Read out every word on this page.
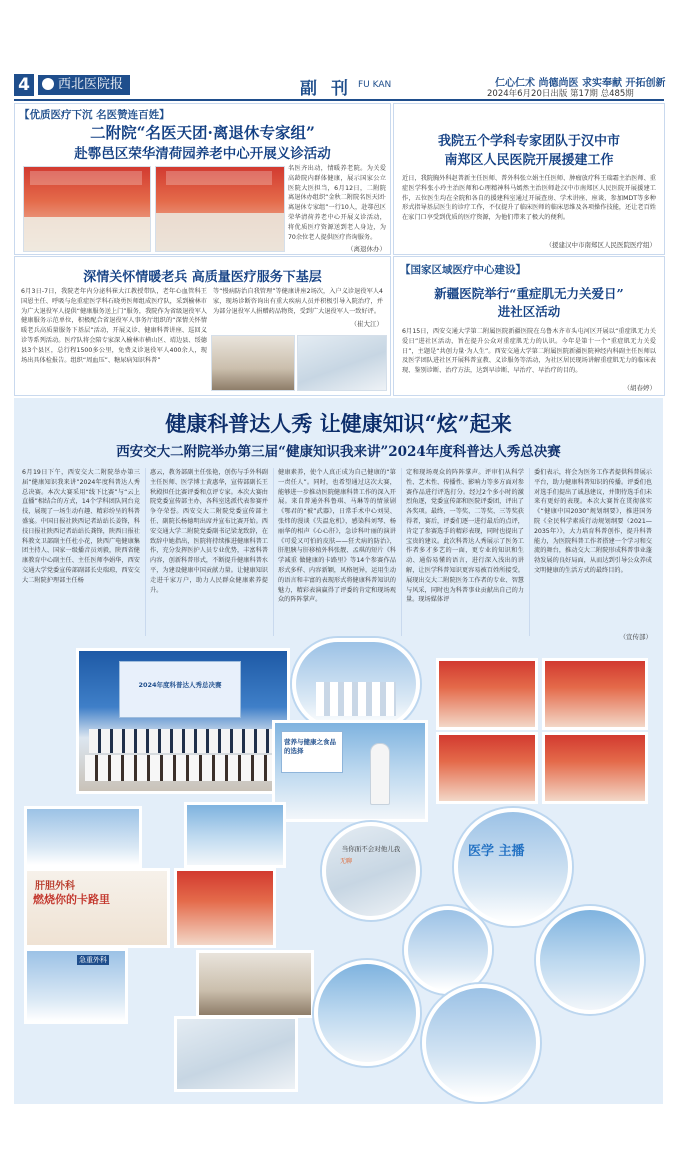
4	西北医院报	副刊
FU KAN	仁心仁术 尚德尚医 求实奉献 开拓创新
2024年6月20日出版 第17期 总485期
【优质医疗下沉 名医赞连百姓】
二附院“名医天团·离退休专家组”
赴鄠邑区荣华清荷园养老中心开展义诊活动
名医齐出动，情暖养老院。为关爱高龄院内群体健康，展示国家公立医院大医担当，6月12日，二附院离退休办组织“金秋二附院名医天团·离退休专家组”一行10人，赴鄠邑区荣华清荷养老中心开展义诊活动，将优质医疗资源送到老人身边，为70余位老人提供医疗咨询服务。
（离退休办）
我院五个学科专家团队于汉中市
南郑区人民医院开展援建工作
近日，我院胸外科赵普新主任医师、普外科张立娟主任医师、肿瘤放疗科王瑞霜主治医师、重症医学科张小玲主治医师和心理精神科马嫣然主治医师赴汉中市南郑区人民医院开展援建工作，五位医生均在全院和各自的援建科室通过开展查房、学术讲座、座谈、参加MDT等多种形式指导基层医生的诊疗工作，不仅提升了临床医师的临床思维及各项操作技能，还让老百姓在家门口享受到优质的医疗资源，为他们带来了极大的便利。
（援建汉中市南郑区人民医院医疗组）
深情关怀情暖老兵 高质量医疗服务下基层
6月3日-7日，我院老年内分泌科崔大江教授带队，老年心血管科王国恩主任、呼吸与危重症医学科石晓勇医师组成医疗队，采到榆林市为广大退役军人提供“健康服务送上门”服务，我院作为省级退役军人健康服务示范单位，积极配合省退役军人事务厅组织的“深情关怀情暖老兵高质量服务下基层”活动，开展义诊、健康科普讲座、巡回义诊等系列活动。医疗队将会陪专家深入榆林市横山区、靖边县、绥德县3个县区，总行程1500多公里，免费义诊退役军人400余人，现场出具体检报告。组织“周血压”、糖尿病知识科普”
等“慢病防治自我管理”等健康讲座2场次，入户义诊退役军人4家，现场诊断咨询出有重大疾病人员并积极引导入院治疗，并为部分退役军人捐赠药品物资，受到广大退役军人一致好评。
（崔大江）
【国家区域医疗中心建设】
新疆医院举行“重症肌无力关爱日”
进社区活动
6月15日，西安交通大学第二附属医院新疆医院在乌鲁木齐市头屯河区开展以“重症肌无力关爱日”进社区活动，旨在提升公众对重症肌无力的认识。今年是第十一个“重症肌无力关爱日”，主题是“共创力量·为人生”。西安交通大学第二附属医院新疆医院神经内科副主任医师以及医学团队进社区开展科普宣教、义诊服务等活动，为社区居民现场讲解重症肌无力的临床表现、鉴别诊断、治疗方法，达到早诊断、早治疗、早治疗的目的。
（胡春婷）
健康科普达人秀 让健康知识“炫”起来
西安交大二附院举办第三届“健康知识我来讲”2024年度科普达人秀总决赛
6月19日下午，西安交大二附院举办第三届“健康知识我来讲”2024年度科普达人秀总决赛。本次大赛采用“线下比赛”与“云上直播”相结合的方式，14个学科团队同台竞技，展现了一场生动有趣、精彩纷呈的科普盛宴。中国日报社陕西记者站站长姜锋，科技日报社陕西记者站站长龚锋，陕西日报社科教文卫部副主任杜小花，陕西广电健康集团主持人、国家一级播音员刘毅，陕西省健康教育中心副主任、主任医师李娟华，西安交通大学党委宣传部副部长史瑞琼，西安交大二附院护理部主任杨
惠云，教务部副主任张艳，创伤与手外科副主任医师、医学博士黄惠华，宣传部副长王秋殿担任比赛评委和点评专家。本次大赛由院党委宣传部主办，各科室选派代表参赛并争夺荣誉。西安交大二附院党委宣传部主任、副院长杨德明出席并宣布比赛开始。西安交通大学二附院党委副书记梁龙致辞，在致辞中她指出，医院将持续推进健康科普工作，充分发挥医护人员专业优势，丰富科普内容，创新科普形式，不断提升健康科普水平，为建设健康中国贡献力量。让健康知识走进千家万户，助力人民群众健康素养提升。
健康素养，使个人真正成为自己健康的“第一责任人”。同时，也希望通过这次大赛，能够进一步推动医院健康科普工作的深入开展。来自普通外科鲁琪、马琳等的情景剧《鄂君的“被”武器》，日常手术中心刘昊、张炜的漫谈《失温危机》，感染科刘琴、杨丽华的相声《心心肝》，急诊科叶丽的演讲《可爱又可怕的皮肤——狂犬病的防治》，肝胆胰与肝移植外科张靓、孟琪的短片《科学减重 做健康的卡路里》等14个参赛作品形式多样、内容新颖，风格迥异，运用生动的语言和丰富的表现形式将健康科普知识的魅力，精彩表演赢得了评委的肯定和现场观众的阵阵掌声。
定和现场观众的阵阵掌声。评审们从科学性、艺术性、传播性、影响力等多方面对参赛作品进行评选打分。经过2个多小时的激烈角逐，党委宣传部和医院评委团，评出了各奖项。最终，一等奖、二等奖、三等奖获得者，赛后，评委们逐一进行最后的点评，肯定了参赛选手的精彩表现，同时也提出了宝贵的建议。此次科普达人秀展示了医务工作者多才多艺的一面，更专业的知识和生动、通俗易懂的语言，进行深入浅出的讲解，让医学科普知识更容易被百姓所接受。展现出交大二附院医务工作者的专业、智慧与风采，同时也为科普事业贡献出自己的力量。现场媒体评
委们表示，将会为医务工作者提供科普展示平台，助力健康科普知识的传播。评委们也对选手们提出了诚恳建议，并期待选手们未来有更好的表现。本次大赛旨在贯彻落实《“健康中国2030”规划纲要》，推进国务院《全民科学素质行动规划纲要（2021—2035年）》，大力培育科普创作，提升科普能力，为医院科普工作者搭建一个学习和交流的舞台，推动交大二附院形成科普事业蓬勃发展的良好局面，从而达到引导公众养成文明健康的生活方式的最终目的。
（宣传部）
2024年度科普达人秀总决赛
营养与健康之食品的选择
肝胆外科
燃烧你的卡路里
急重外科
当你面不会对他儿我
无聊
医学 主播
